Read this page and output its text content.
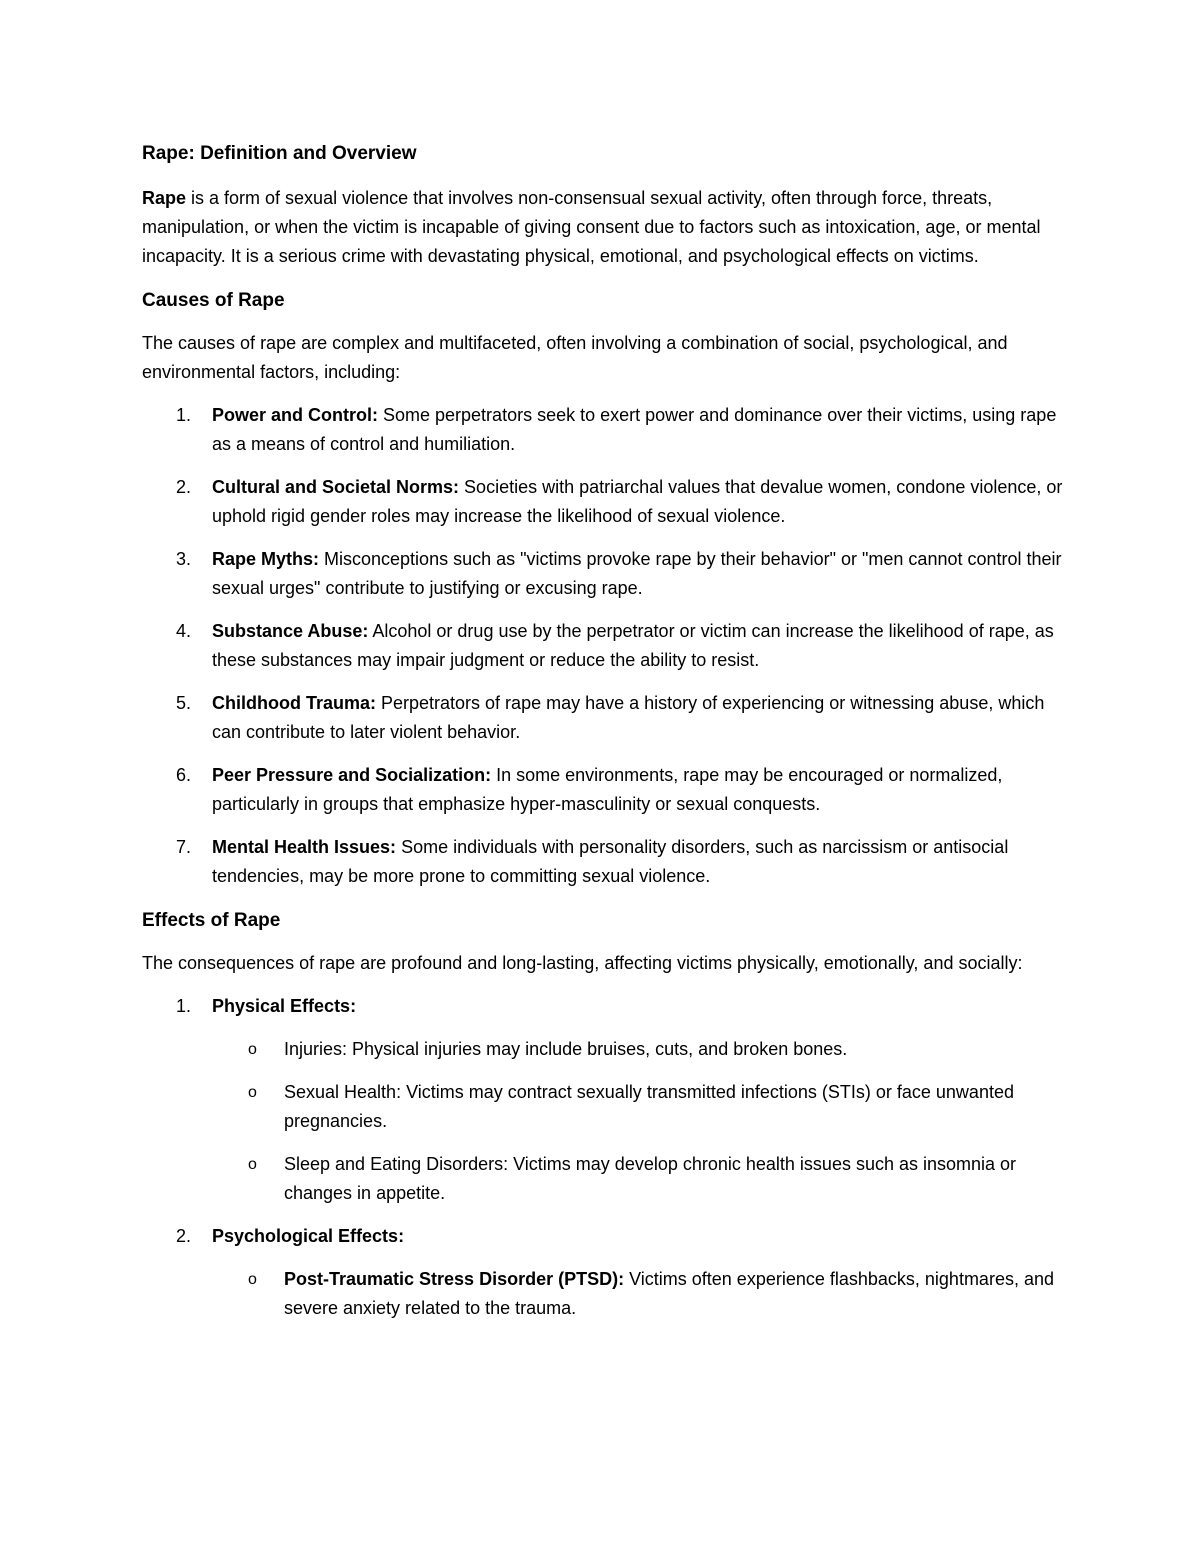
Rape: Definition and Overview

Rape is a form of sexual violence that involves non-consensual sexual activity, often through force, threats, manipulation, or when the victim is incapable of giving consent due to factors such as intoxication, age, or mental incapacity. It is a serious crime with devastating physical, emotional, and psychological effects on victims.

Causes of Rape

The causes of rape are complex and multifaceted, often involving a combination of social, psychological, and environmental factors, including:

1. Power and Control: Some perpetrators seek to exert power and dominance over their victims, using rape as a means of control and humiliation.
2. Cultural and Societal Norms: Societies with patriarchal values that devalue women, condone violence, or uphold rigid gender roles may increase the likelihood of sexual violence.
3. Rape Myths: Misconceptions such as "victims provoke rape by their behavior" or "men cannot control their sexual urges" contribute to justifying or excusing rape.
4. Substance Abuse: Alcohol or drug use by the perpetrator or victim can increase the likelihood of rape, as these substances may impair judgment or reduce the ability to resist.
5. Childhood Trauma: Perpetrators of rape may have a history of experiencing or witnessing abuse, which can contribute to later violent behavior.
6. Peer Pressure and Socialization: In some environments, rape may be encouraged or normalized, particularly in groups that emphasize hyper-masculinity or sexual conquests.
7. Mental Health Issues: Some individuals with personality disorders, such as narcissism or antisocial tendencies, may be more prone to committing sexual violence.
Effects of Rape

The consequences of rape are profound and long-lasting, affecting victims physically, emotionally, and socially:

1. Physical Effects:
o Injuries: Physical injuries may include bruises, cuts, and broken bones.
o Sexual Health: Victims may contract sexually transmitted infections (STIs) or face unwanted pregnancies.
o Sleep and Eating Disorders: Victims may develop chronic health issues such as insomnia or changes in appetite.
2. Psychological Effects:
o Post-Traumatic Stress Disorder (PTSD): Victims often experience flashbacks, nightmares, and severe anxiety related to the trauma.
